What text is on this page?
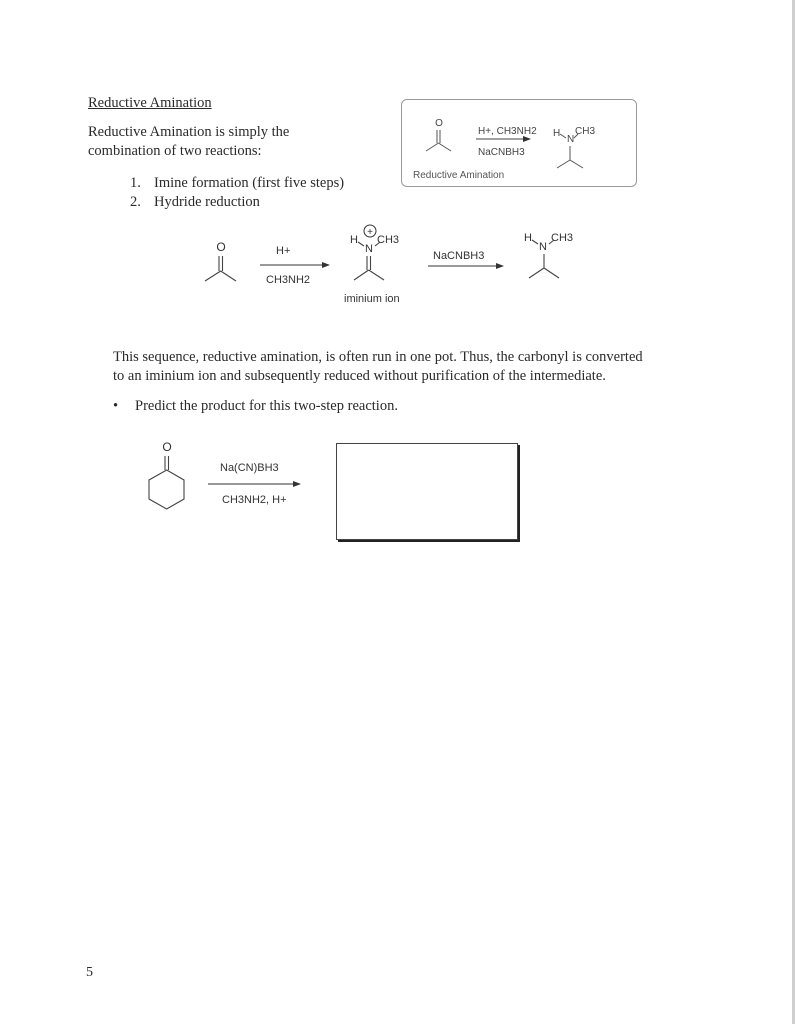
Reductive Amination
Reductive Amination is simply the
combination of two reactions:
1. Imine formation (first five steps)
2. Hydride reduction
O
H+, CH3NH2
NaCNBH3
H
N
CH3
Reductive Amination
O	H+
CH3NH2
+
H
N
CH3
iminium ion
NaCNBH3
H
N
CH3
O
Na(CN)BH3
CH3NH2, H+
This sequence, reductive amination, is often run in one pot. Thus, the carbonyl is converted
to an iminium ion and subsequently reduced without purification of the intermediate.
• Predict the product for this two-step reaction.
5
